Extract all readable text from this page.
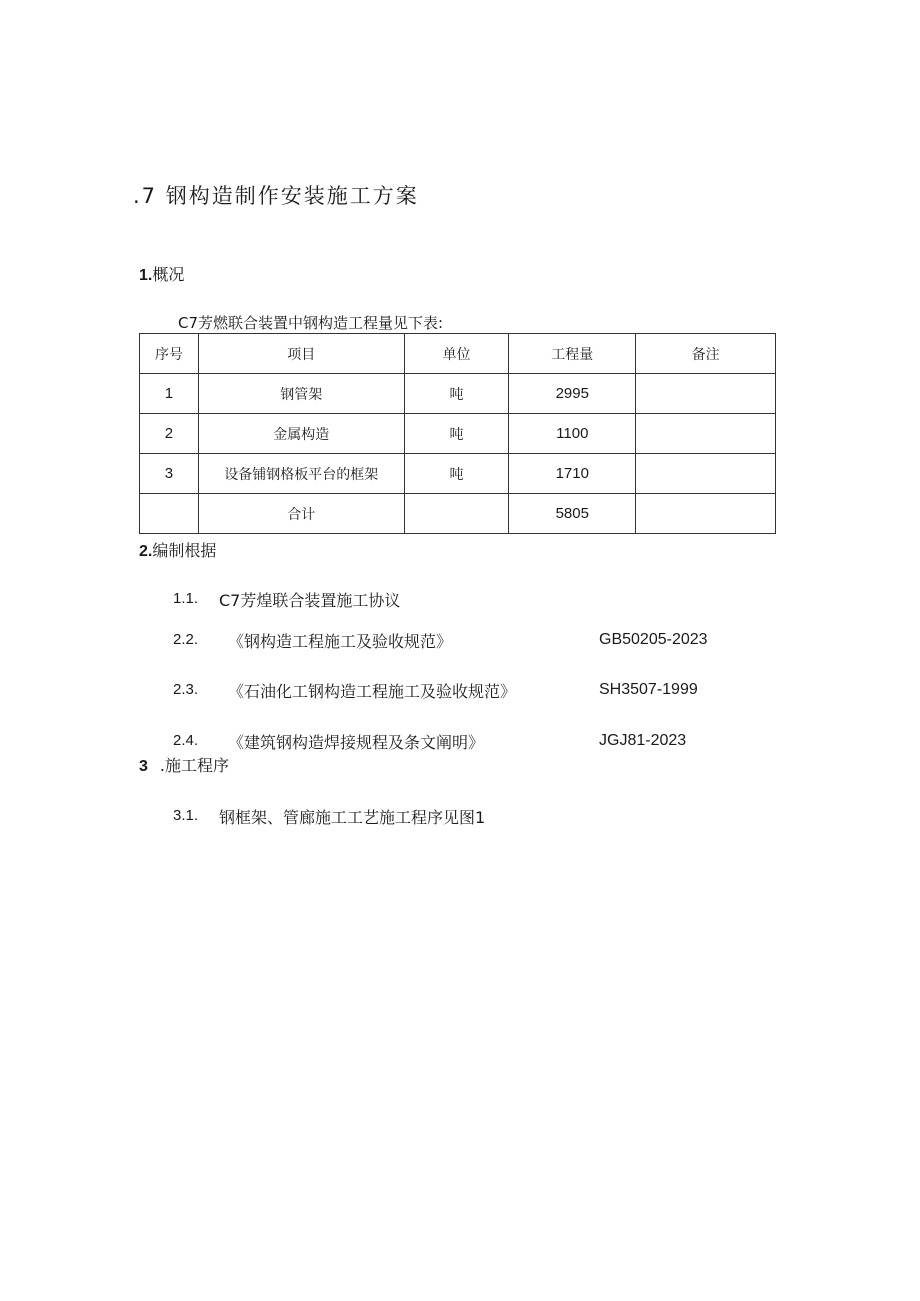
.7 钢构造制作安装施工方案
1.概况
C7芳燃联合装置中钢构造工程量见下表:
序号	项目	单位	工程量	备注
1	钢管架	吨	2995	
2	金属构造	吨	1100	
3	设备铺钢格板平台的框架	吨	1710	
	合计		5805	
2.编制根据
1.1. C7芳煌联合装置施工协议
2.2. 《钢构造工程施工及验收规范》	GB50205-2023
2.3. 《石油化工钢构造工程施工及验收规范》	SH3507-1999
2.4. 《建筑钢构造焊接规程及条文阐明》	JGJ81-2023
3 .施工程序
3.1. 钢框架、管廊施工工艺施工程序见图1
